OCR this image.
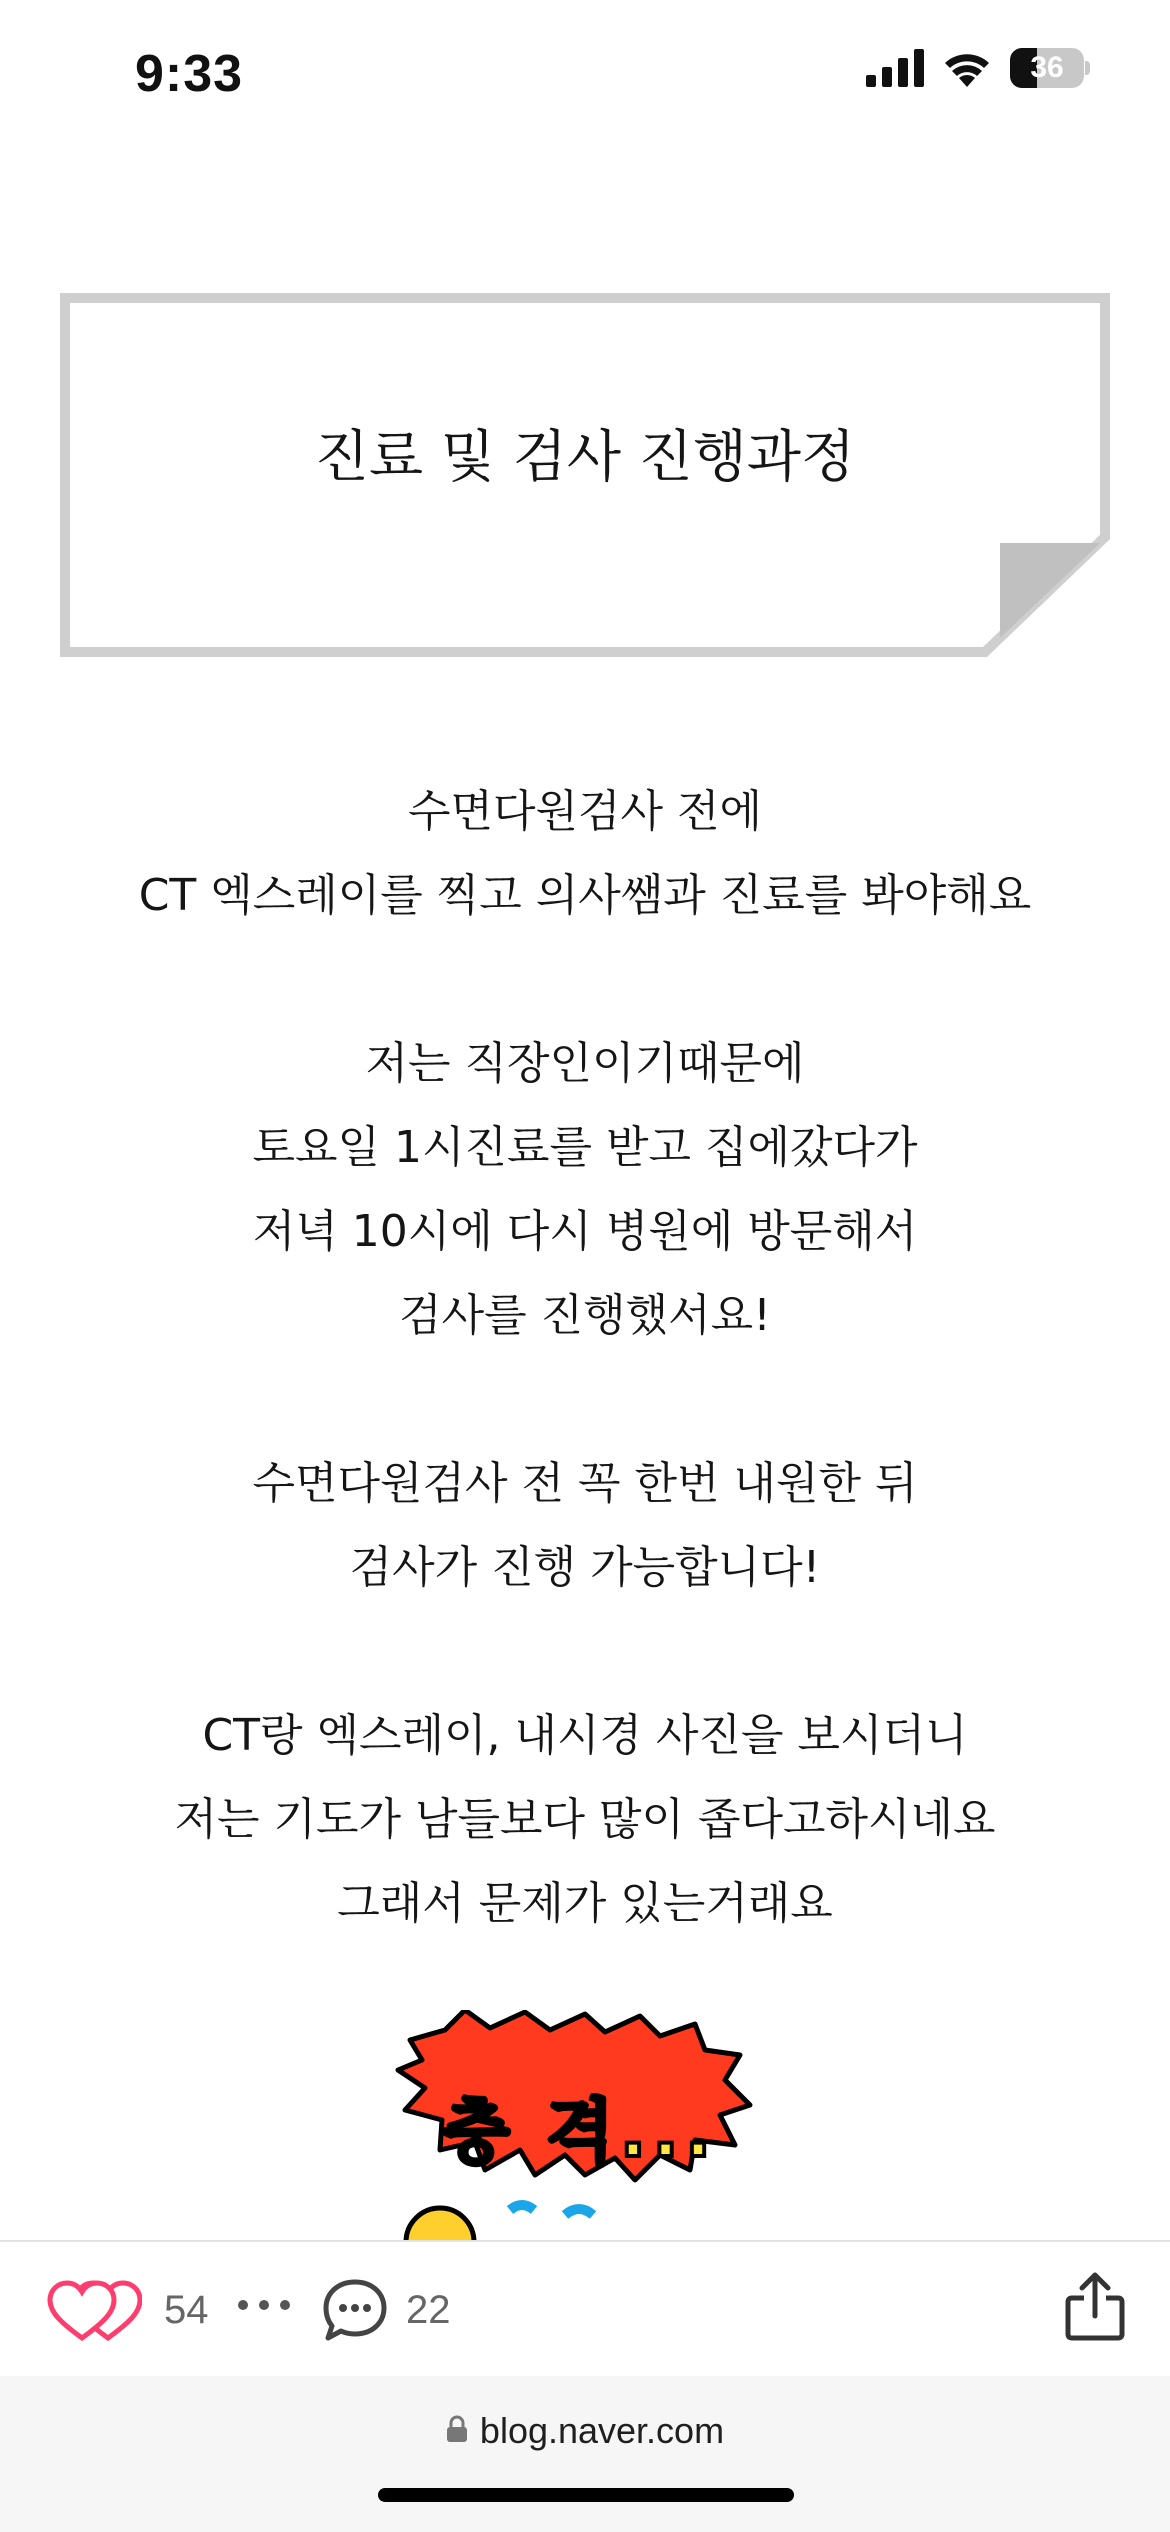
9:33	36
진료 및 검사 진행과정
수면다원검사 전에
CT 엑스레이를 찍고 의사쌤과 진료를 봐야해요
저는 직장인이기때문에
토요일 1시진료를 받고 집에갔다가
저녁 10시에 다시 병원에 방문해서
검사를 진행했서요!
수면다원검사 전 꼭 한번 내원한 뒤
검사가 진행 가능합니다!
CT랑 엑스레이, 내시경 사진을 보시더니
저는 기도가 남들보다 많이 좁다고하시네요
그래서 문제가 있는거래요
충 격...
54	22
blog.naver.com
